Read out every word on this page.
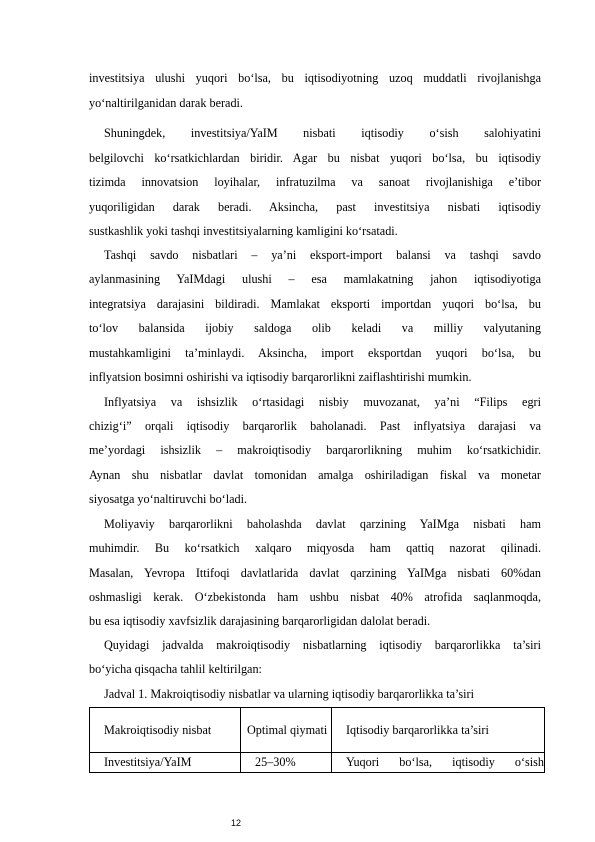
investitsiya ulushi yuqori bo‘lsa, bu iqtisodiyotning uzoq muddatli rivojlanishga
yo‘naltirilganidan darak beradi.
Shuningdek, investitsiya/YaIM nisbati iqtisodiy o‘sish salohiyatini
belgilovchi ko‘rsatkichlardan biridir. Agar bu nisbat yuqori bo‘lsa, bu iqtisodiy
tizimda innovatsion loyihalar, infratuzilma va sanoat rivojlanishiga e’tibor
yuqoriligidan darak beradi. Aksincha, past investitsiya nisbati iqtisodiy
sustkashlik yoki tashqi investitsiyalarning kamligini ko‘rsatadi.
Tashqi savdo nisbatlari – ya’ni eksport-import balansi va tashqi savdo
aylanmasining YaIMdagi ulushi – esa mamlakatning jahon iqtisodiyotiga
integratsiya darajasini bildiradi. Mamlakat eksporti importdan yuqori bo‘lsa, bu
to‘lov balansida ijobiy saldoga olib keladi va milliy valyutaning
mustahkamligini ta’minlaydi. Aksincha, import eksportdan yuqori bo‘lsa, bu
inflyatsion bosimni oshirishi va iqtisodiy barqarorlikni zaiflashtirishi mumkin.
Inflyatsiya va ishsizlik o‘rtasidagi nisbiy muvozanat, ya’ni “Filips egri
chizig‘i” orqali iqtisodiy barqarorlik baholanadi. Past inflyatsiya darajasi va
me’yordagi ishsizlik – makroiqtisodiy barqarorlikning muhim ko‘rsatkichidir.
Aynan shu nisbatlar davlat tomonidan amalga oshiriladigan fiskal va monetar
siyosatga yo‘naltiruvchi bo‘ladi.
Moliyaviy barqarorlikni baholashda davlat qarzining YaIMga nisbati ham
muhimdir. Bu ko‘rsatkich xalqaro miqyosda ham qattiq nazorat qilinadi.
Masalan, Yevropa Ittifoqi davlatlarida davlat qarzining YaIMga nisbati 60%dan
oshmasligi kerak. O‘zbekistonda ham ushbu nisbat 40% atrofida saqlanmoqda,
bu esa iqtisodiy xavfsizlik darajasining barqarorligidan dalolat beradi.
Quyidagi jadvalda makroiqtisodiy nisbatlarning iqtisodiy barqarorlikka ta’siri
bo‘yicha qisqacha tahlil keltirilgan:
Jadval 1. Makroiqtisodiy nisbatlar va ularning iqtisodiy barqarorlikka ta’siri
Makroiqtisodiy nisbat	Optimal qiymati	Iqtisodiy barqarorlikka ta’siri
Investitsiya/YaIM	25–30%	Yuqori bo‘lsa, iqtisodiy o‘sish
12
